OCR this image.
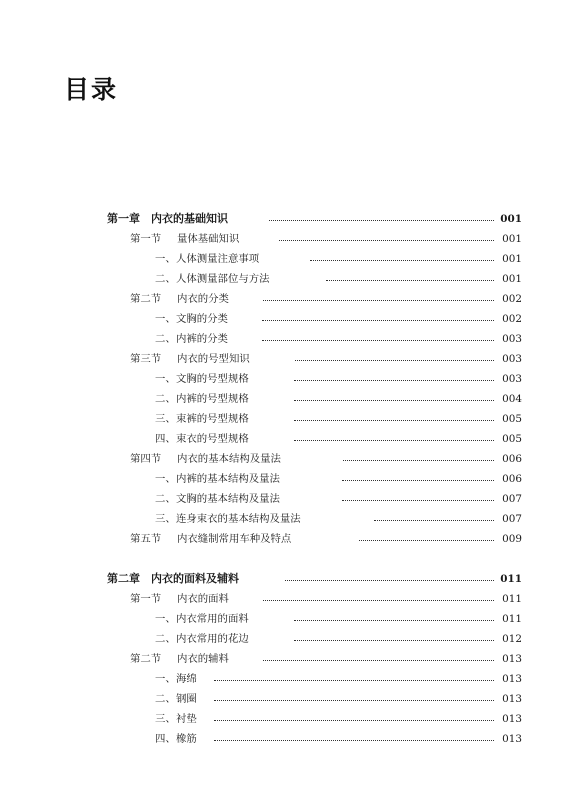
目录
第一章 内衣的基础知识	001
第一节 量体基础知识	001
一、 人体测量注意事项	001
二、 人体测量部位与方法	001
第二节 内衣的分类	002
一、 文胸的分类	002
二、 内裤的分类	003
第三节 内衣的号型知识	003
一、 文胸的号型规格	003
二、 内裤的号型规格	004
三、 束裤的号型规格	005
四、 束衣的号型规格	005
第四节 内衣的基本结构及量法	006
一、 内裤的基本结构及量法	006
二、 文胸的基本结构及量法	007
三、 连身束衣的基本结构及量法	007
第五节 内衣缝制常用车种及特点	009
第二章 内衣的面料及辅料	011
第一节 内衣的面料	011
一、 内衣常用的面料	011
二、 内衣常用的花边	012
第二节 内衣的辅料	013
一、 海绵	013
二、 钢圈	013
三、 衬垫	013
四、 橡筋	013
